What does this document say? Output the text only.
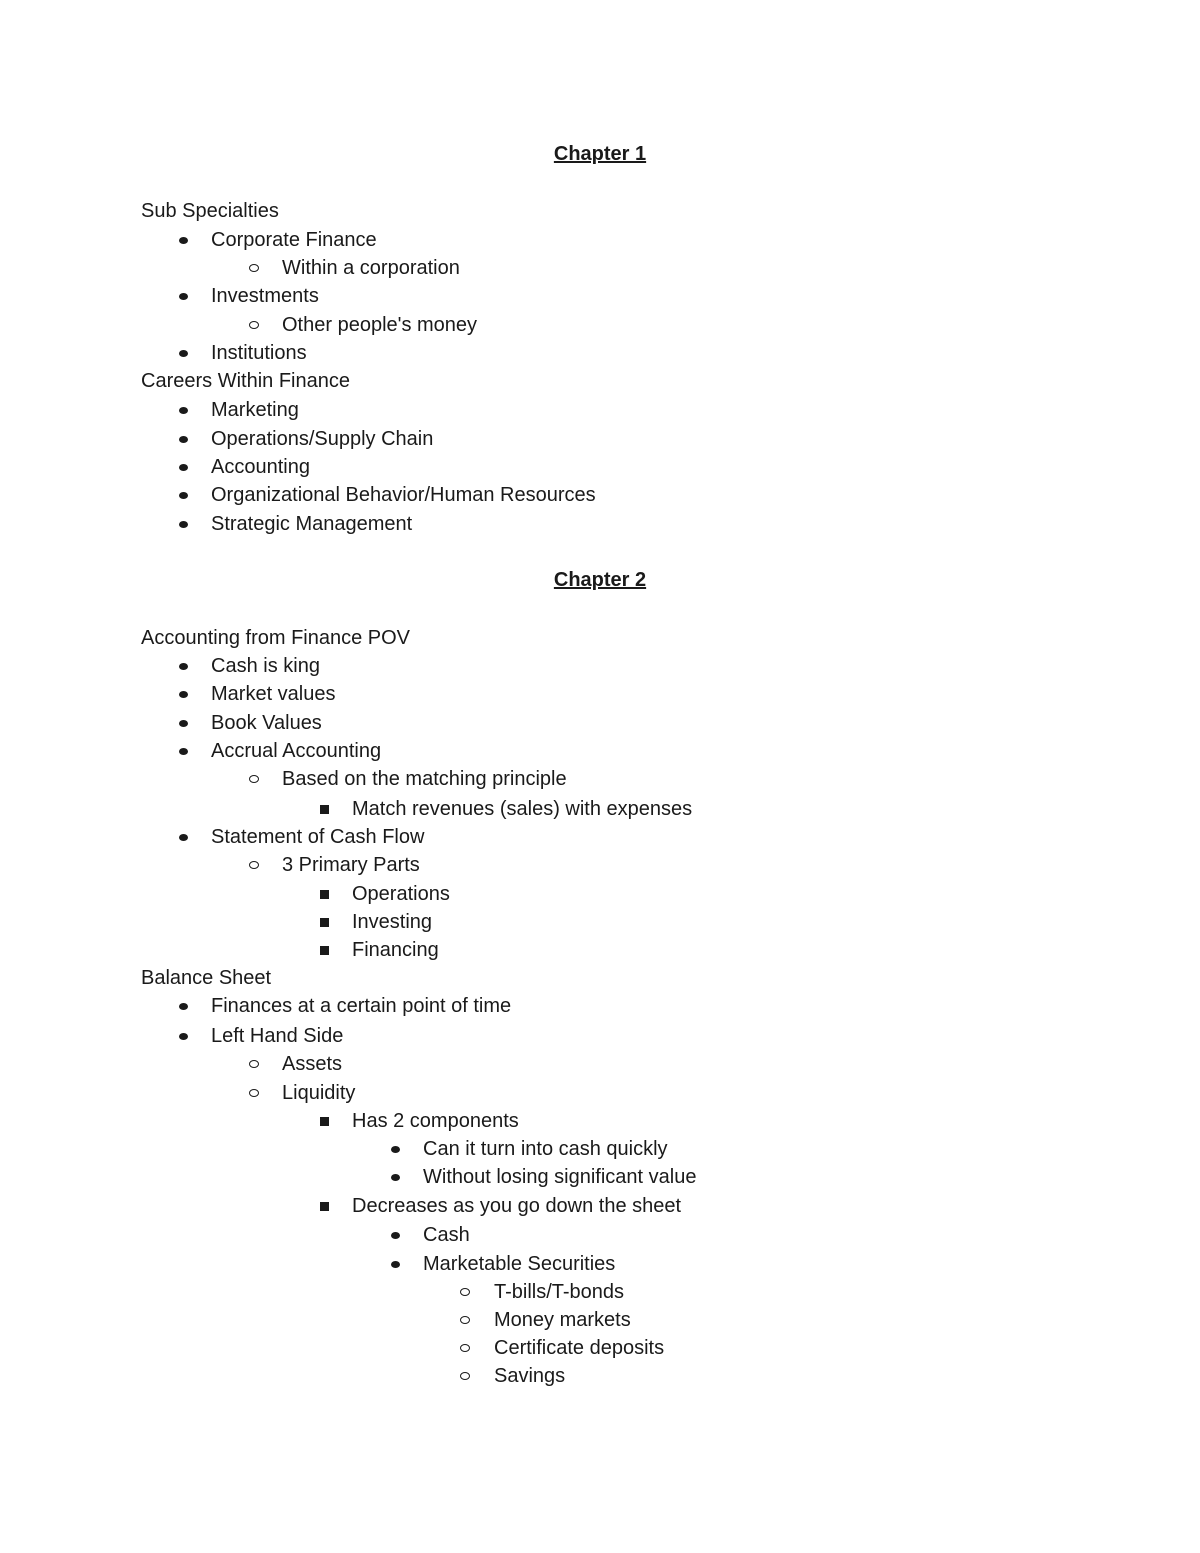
Chapter 1
Sub Specialties
Corporate Finance
Within a corporation
Investments
Other people's money
Institutions
Careers Within Finance
Marketing
Operations/Supply Chain
Accounting
Organizational Behavior/Human Resources
Strategic Management
Chapter 2
Accounting from Finance POV
Cash is king
Market values
Book Values
Accrual Accounting
Based on the matching principle
Match revenues (sales) with expenses
Statement of Cash Flow
3 Primary Parts
Operations
Investing
Financing
Balance Sheet
Finances at a certain point of time
Left Hand Side
Assets
Liquidity
Has 2 components
Can it turn into cash quickly
Without losing significant value
Decreases as you go down the sheet
Cash
Marketable Securities
T-bills/T-bonds
Money markets
Certificate deposits
Savings
